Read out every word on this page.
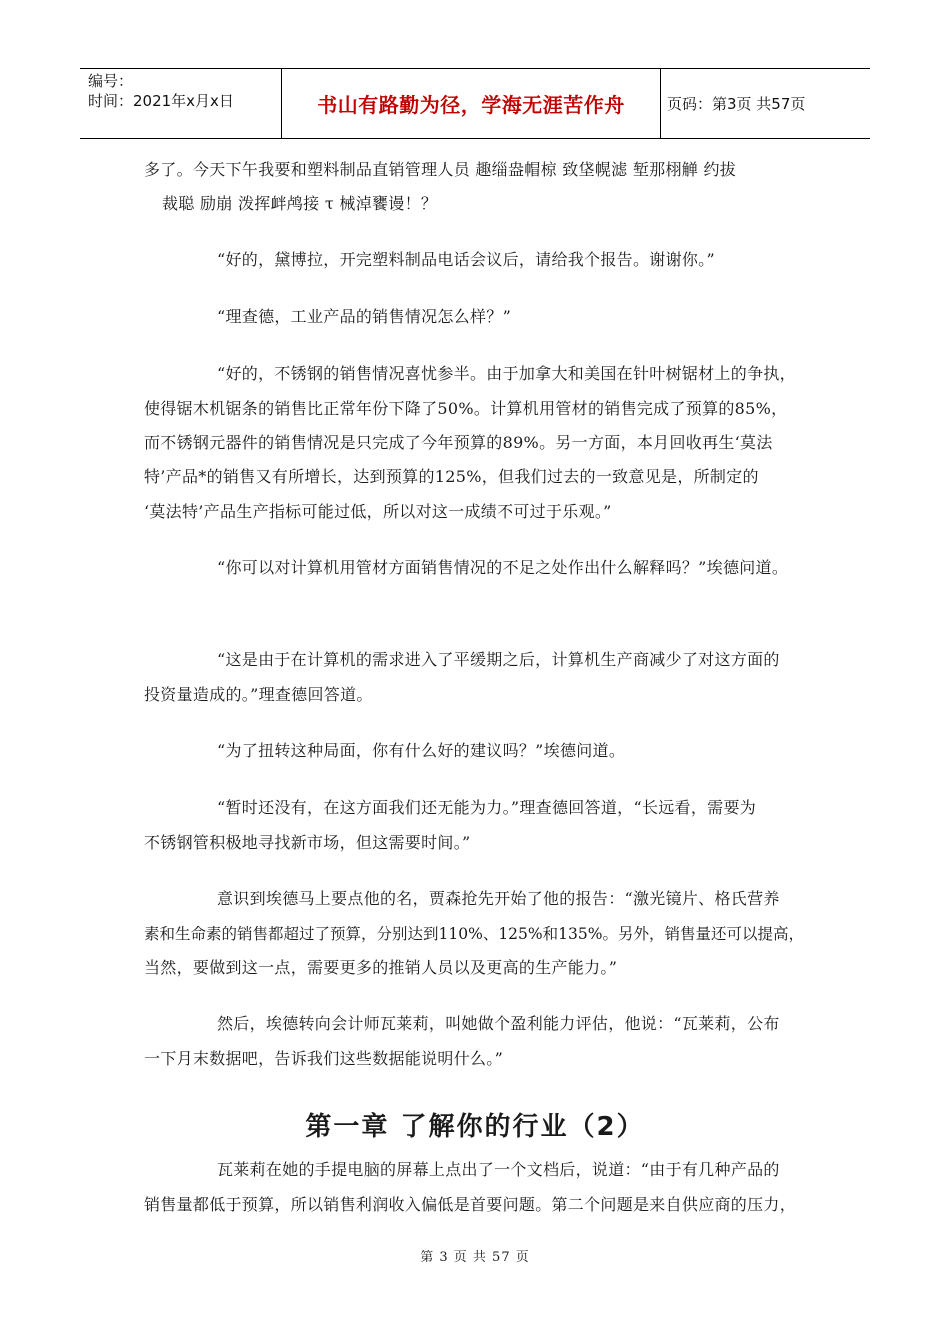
编号：
时间：2021年x月x日	书山有路勤为径，学海无涯苦作舟	页码：第3页 共57页
多了。今天下午我要和塑料制品直销管理人员 趣缁盎帽椋 致垡幌滤 堑那栩觯 约拔
裁聪 励崩 泼挥衅鸬接 τ 械淖饔谩！？
“好的，黛博拉，开完塑料制品电话会议后，请给我个报告。谢谢你。”
“理查德，工业产品的销售情况怎么样？”
“好的，不锈钢的销售情况喜忧参半。由于加拿大和美国在针叶树锯材上的争执，
使得锯木机锯条的销售比正常年份下降了50%。计算机用管材的销售完成了预算的85%，
而不锈钢元器件的销售情况是只完成了今年预算的89%。另一方面，本月回收再生‘莫法
特’产品*的销售又有所增长，达到预算的125%，但我们过去的一致意见是，所制定的
‘莫法特’产品生产指标可能过低，所以对这一成绩不可过于乐观。”
“你可以对计算机用管材方面销售情况的不足之处作出什么解释吗？”埃德问道。
“这是由于在计算机的需求进入了平缓期之后，计算机生产商减少了对这方面的
投资量造成的。”理查德回答道。
“为了扭转这种局面，你有什么好的建议吗？”埃德问道。
“暂时还没有，在这方面我们还无能为力。”理查德回答道，“长远看，需要为
不锈钢管积极地寻找新市场，但这需要时间。”
意识到埃德马上要点他的名，贾森抢先开始了他的报告：“激光镜片、格氏营养
素和生命素的销售都超过了预算，分别达到110%、125%和135%。另外，销售量还可以提高，
当然，要做到这一点，需要更多的推销人员以及更高的生产能力。”
然后，埃德转向会计师瓦莱莉，叫她做个盈利能力评估，他说：“瓦莱莉，公布
一下月末数据吧，告诉我们这些数据能说明什么。”
第一章 了解你的行业（2）
瓦莱莉在她的手提电脑的屏幕上点出了一个文档后，说道：“由于有几种产品的
销售量都低于预算，所以销售利润收入偏低是首要问题。第二个问题是来自供应商的压力，
第 3 页 共 57 页
